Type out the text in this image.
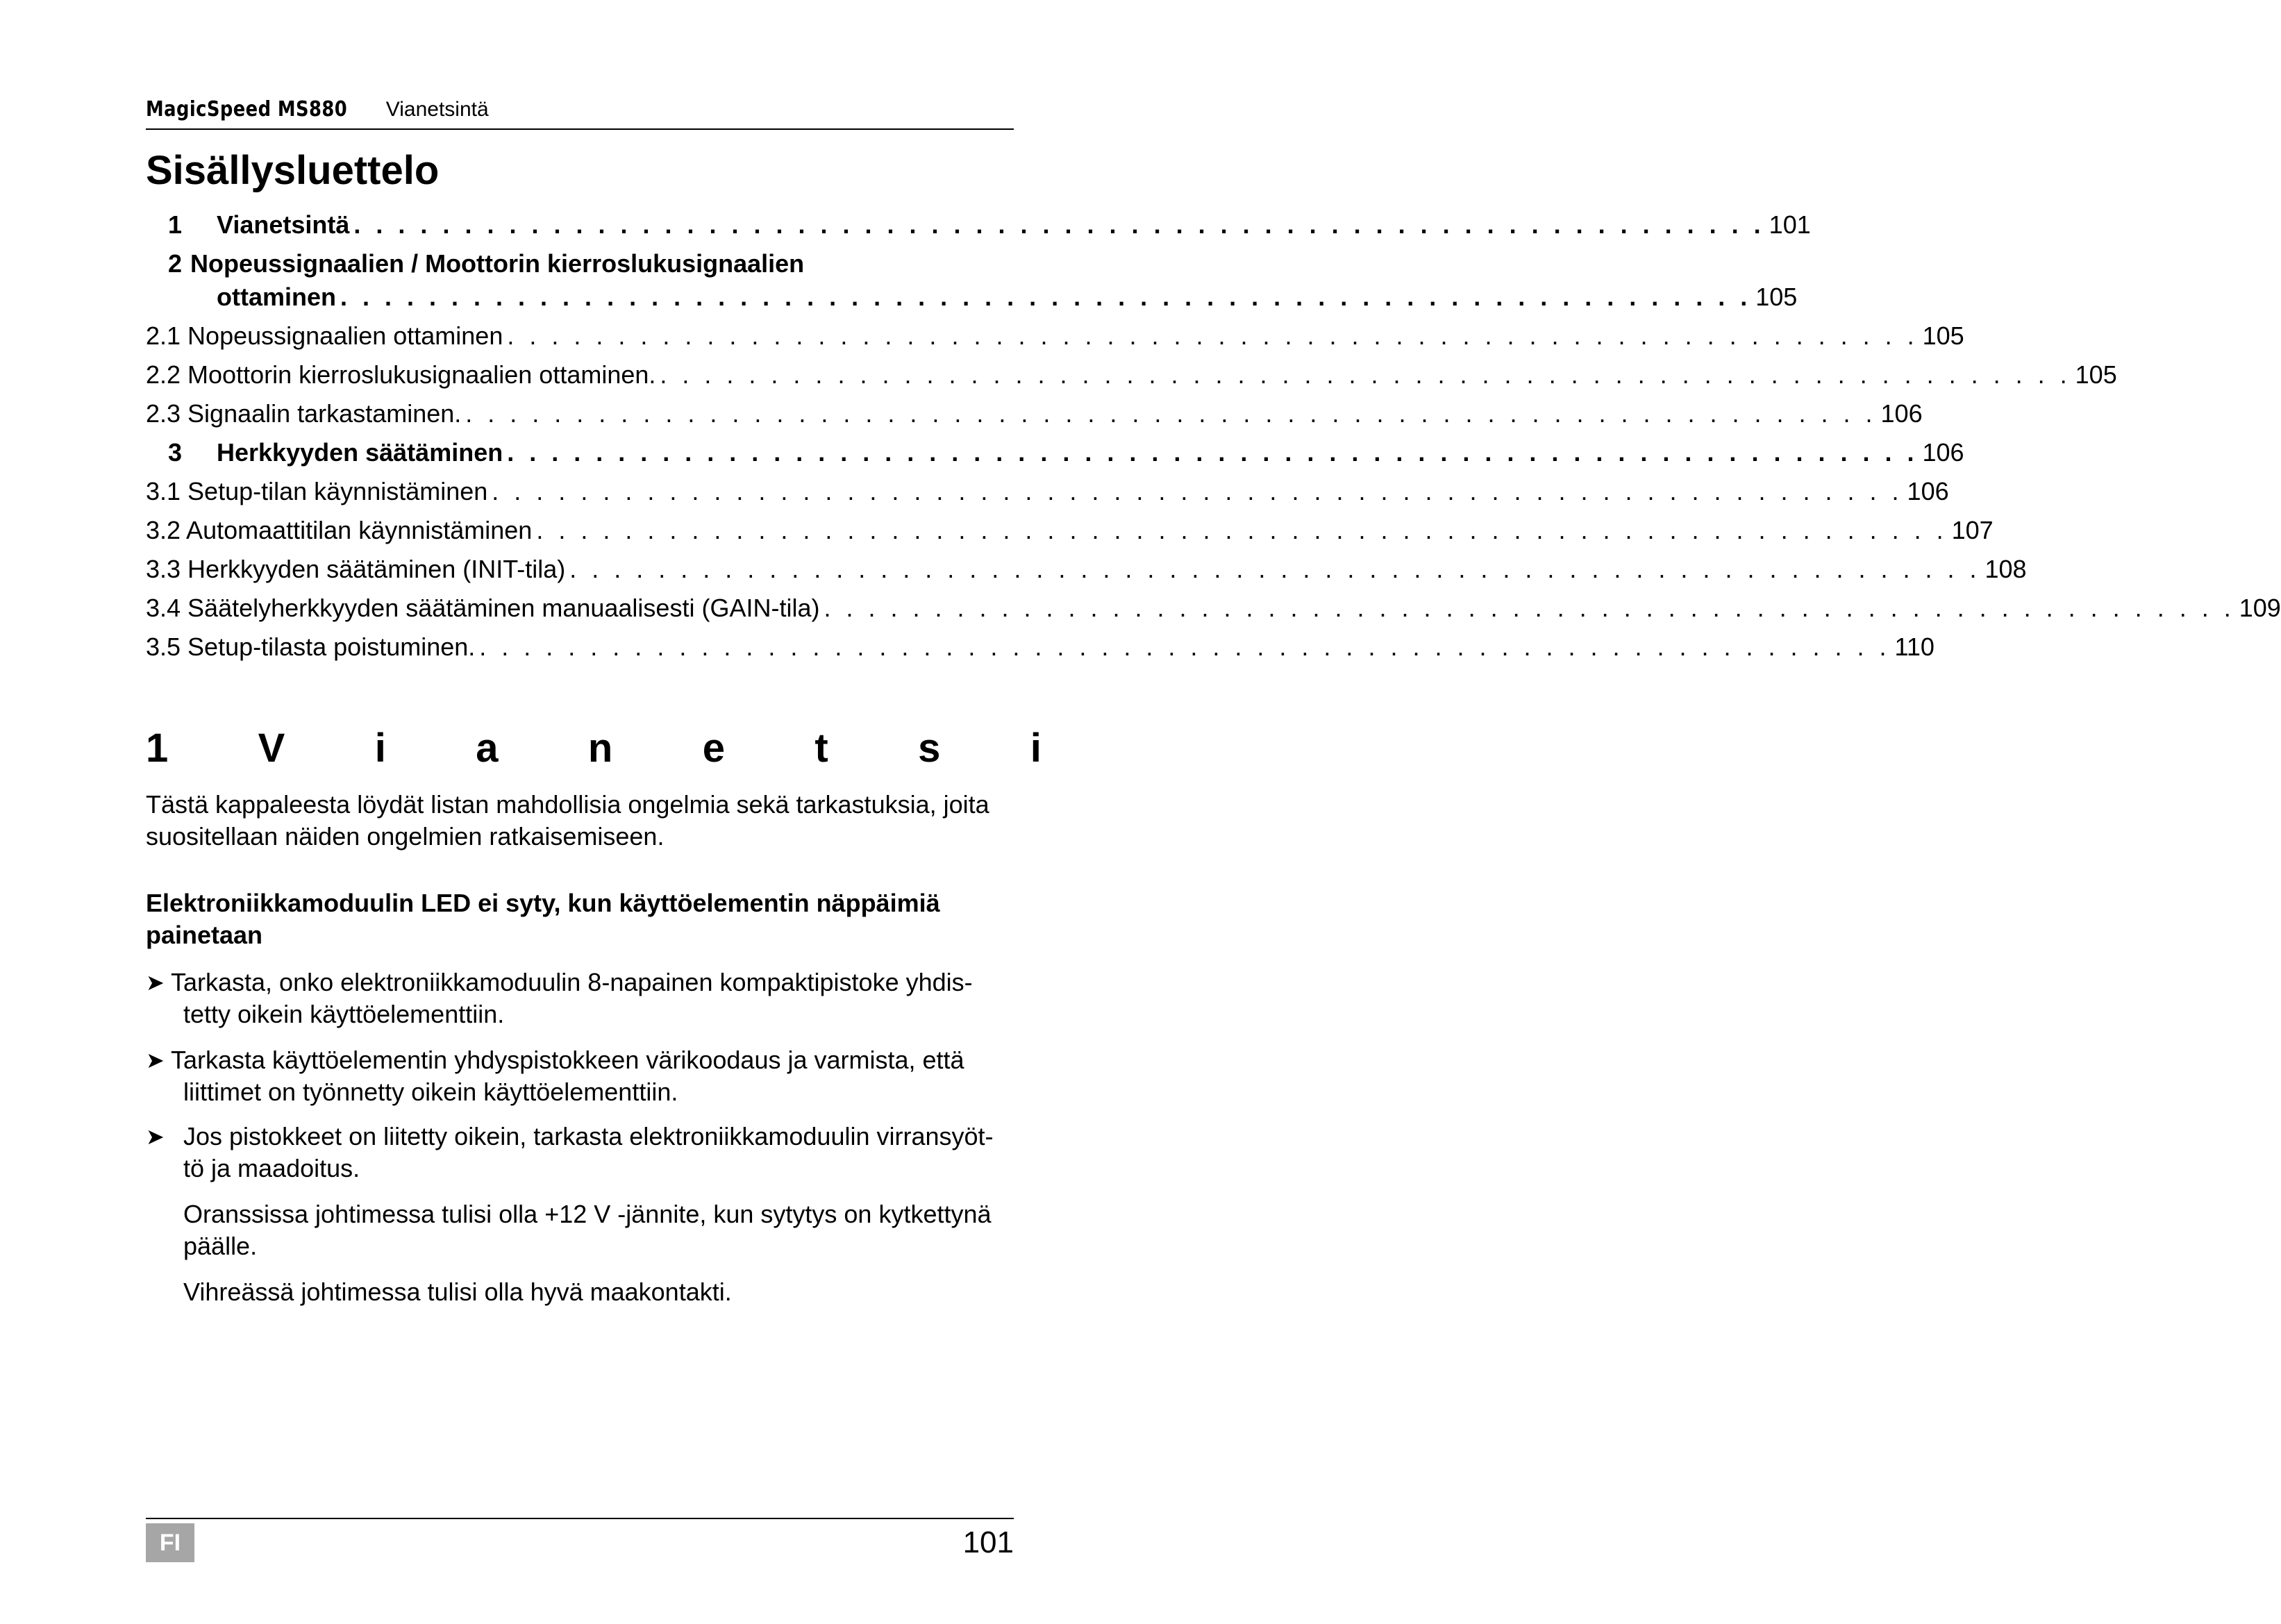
MagicSpeed MS880 Vianetsintä
Sisällysluettelo
1 Vianetsintä . . . . . . . . . . . . . . . . . . . . . . . . . . . . . . . . . . . . . . . . . . . . . . . . . . . . . . . . . . . . . . . . 101
2 Nopeussignaalien / Moottorin kierroslukusignaalien
ottaminen . . . . . . . . . . . . . . . . . . . . . . . . . . . . . . . . . . . . . . . . . . . . . . . . . . . . . . . . . . . . . . . . 105
2.1 Nopeussignaalien ottaminen . . . . . . . . . . . . . . . . . . . . . . . . . . . . . . . . . . . . . . . . . . . . . . . . . . . . . . . . . . . . . . . . 105
2.2 Moottorin kierroslukusignaalien ottaminen. . . . . . . . . . . . . . . . . . . . . . . . . . . . . . . . . . . . . . . . . . . . . . . . . . . . . . . . . . . . . . . . . 105
2.3 Signaalin tarkastaminen. . . . . . . . . . . . . . . . . . . . . . . . . . . . . . . . . . . . . . . . . . . . . . . . . . . . . . . . . . . . . . . . . 106
3 Herkkyyden säätäminen . . . . . . . . . . . . . . . . . . . . . . . . . . . . . . . . . . . . . . . . . . . . . . . . . . . . . . . . . . . . . . . . 106
3.1 Setup-tilan käynnistäminen . . . . . . . . . . . . . . . . . . . . . . . . . . . . . . . . . . . . . . . . . . . . . . . . . . . . . . . . . . . . . . . . 106
3.2 Automaattitilan käynnistäminen . . . . . . . . . . . . . . . . . . . . . . . . . . . . . . . . . . . . . . . . . . . . . . . . . . . . . . . . . . . . . . . . 107
3.3 Herkkyyden säätäminen (INIT-tila) . . . . . . . . . . . . . . . . . . . . . . . . . . . . . . . . . . . . . . . . . . . . . . . . . . . . . . . . . . . . . . . . 108
3.4 Säätelyherkkyyden säätäminen manuaalisesti (GAIN-tila) . . . . . . . . . . . . . . . . . . . . . . . . . . . . . . . . . . . . . . . . . . . . . . . . . . . . . . . . . . . . . . . . 109
3.5 Setup-tilasta poistuminen. . . . . . . . . . . . . . . . . . . . . . . . . . . . . . . . . . . . . . . . . . . . . . . . . . . . . . . . . . . . . . . . . 110
1 V i a n e t s i

Tästä kappaleesta löydät listan mahdollisia ongelmia sekä tarkastuksia, joita suositellaan näiden ongelmien ratkaisemiseen.

Elektroniikkamoduulin LED ei syty, kun käyttöelementin näppäimiä painetaan

➤ Tarkasta, onko elektroniikkamoduulin 8-napainen kompaktipistoke yhdis-
tetty oikein käyttöelementtiin.
➤ Tarkasta käyttöelementin yhdyspistokkeen värikoodaus ja varmista, että
liittimet on työnnetty oikein käyttöelementtiin.
➤ Jos pistokkeet on liitetty oikein, tarkasta elektroniikkamoduulin virransyöt-
tö ja maadoitus.

Oranssissa johtimessa tulisi olla +12 V -jännite, kun sytytys on kytkettynä päälle.

Vihreässä johtimessa tulisi olla hyvä maakontakti.

FI	101
